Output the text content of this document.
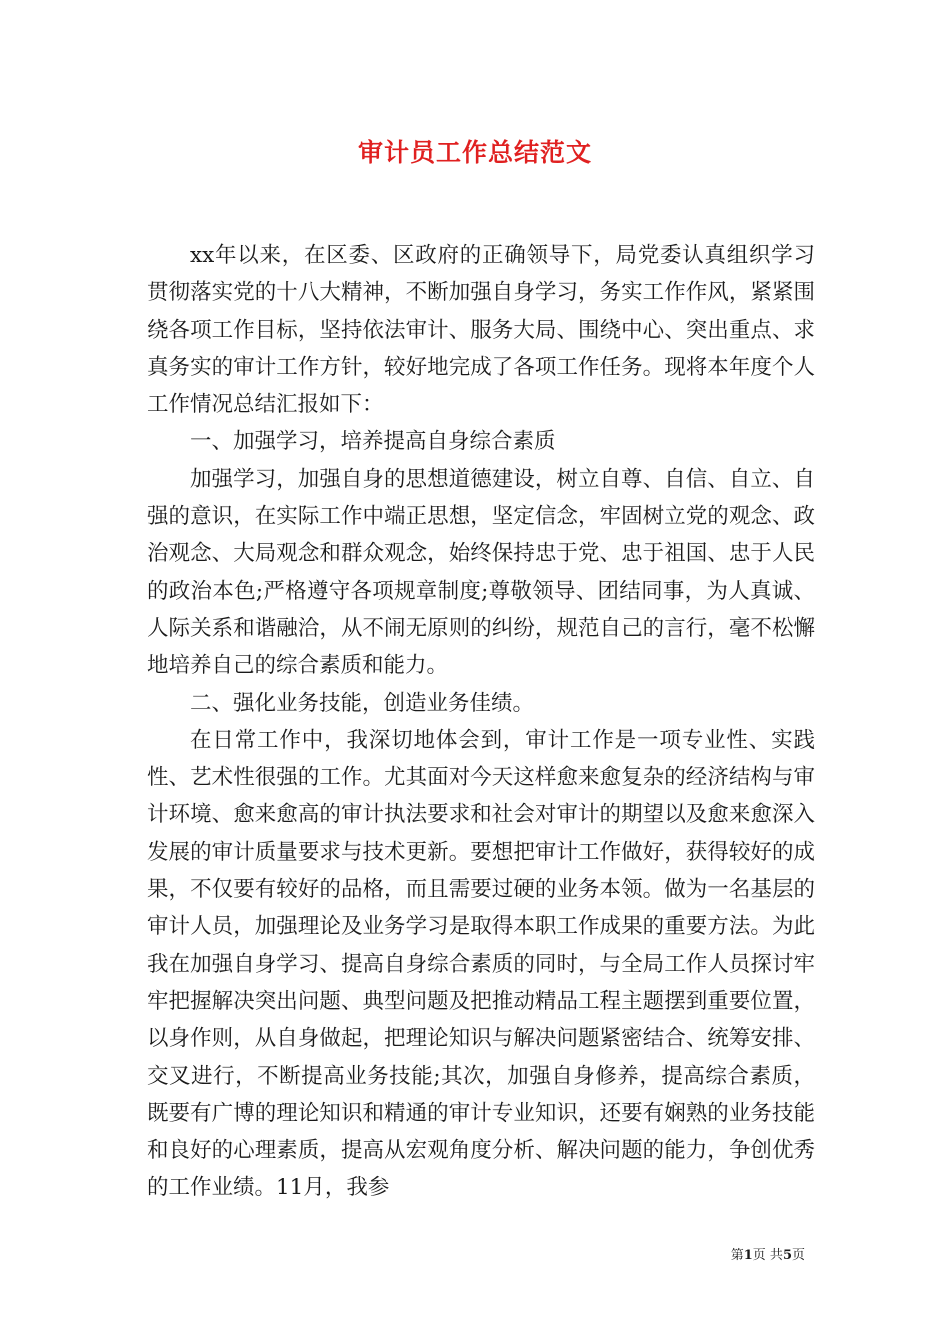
审计员工作总结范文

xx年以来，在区委、区政府的正确领导下，局党委认真组织学习贯彻落实党的十八大精神，不断加强自身学习，务实工作作风，紧紧围绕各项工作目标，坚持依法审计、服务大局、围绕中心、突出重点、求真务实的审计工作方针，较好地完成了各项工作任务。现将本年度个人工作情况总结汇报如下：

一、加强学习，培养提高自身综合素质

加强学习，加强自身的思想道德建设，树立自尊、自信、自立、自强的意识，在实际工作中端正思想，坚定信念，牢固树立党的观念、政治观念、大局观念和群众观念，始终保持忠于党、忠于祖国、忠于人民的政治本色;严格遵守各项规章制度;尊敬领导、团结同事，为人真诚、人际关系和谐融洽，从不闹无原则的纠纷，规范自己的言行，毫不松懈地培养自己的综合素质和能力。

二、强化业务技能，创造业务佳绩。

在日常工作中，我深切地体会到，审计工作是一项专业性、实践性、艺术性很强的工作。尤其面对今天这样愈来愈复杂的经济结构与审计环境、愈来愈高的审计执法要求和社会对审计的期望以及愈来愈深入发展的审计质量要求与技术更新。要想把审计工作做好，获得较好的成果，不仅要有较好的品格，而且需要过硬的业务本领。做为一名基层的审计人员，加强理论及业务学习是取得本职工作成果的重要方法。为此我在加强自身学习、提高自身综合素质的同时，与全局工作人员探讨牢牢把握解决突出问题、典型问题及把推动精品工程主题摆到重要位置，以身作则，从自身做起，把理论知识与解决问题紧密结合、统筹安排、交叉进行，不断提高业务技能;其次，加强自身修养，提高综合素质，既要有广博的理论知识和精通的审计专业知识，还要有娴熟的业务技能和良好的心理素质，提高从宏观角度分析、解决问题的能力，争创优秀的工作业绩。11月，我参

第1页 共5页
